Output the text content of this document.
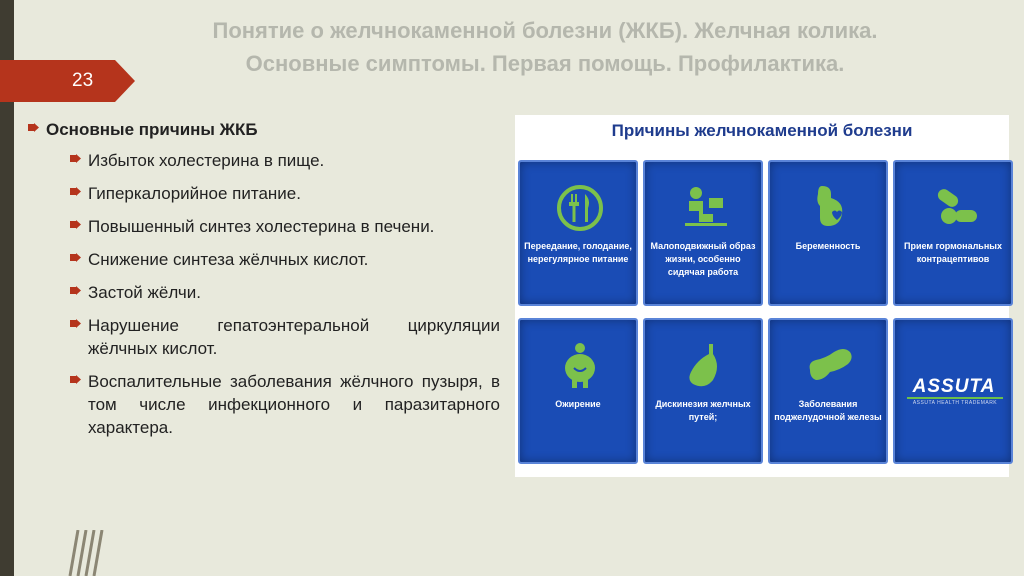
Понятие о желчнокаменной болезни (ЖКБ). Желчная колика.
Основные симптомы. Первая помощь. Профилактика.
23
Основные причины ЖКБ
Избыток холестерина в пище.
Гиперкалорийное питание.
Повышенный синтез холестерина в печени.
Снижение синтеза жёлчных кислот.
Застой жёлчи.
Нарушение гепатоэнтеральной циркуляции жёлчных кислот.
Воспалительные заболевания жёлчного пузыря, в том числе инфекционного и паразитарного характера.
Причины желчнокаменной болезни
Переедание, голодание, нерегулярное питание
Малоподвижный образ жизни, особенно сидячая работа
Беременность	Прием гормональных контрацептивов
Ожирение	Дискинезия желчных путей;
Заболевания поджелудочной железы
ASSUTA
ASSUTA HEALTH TRADEMARK
